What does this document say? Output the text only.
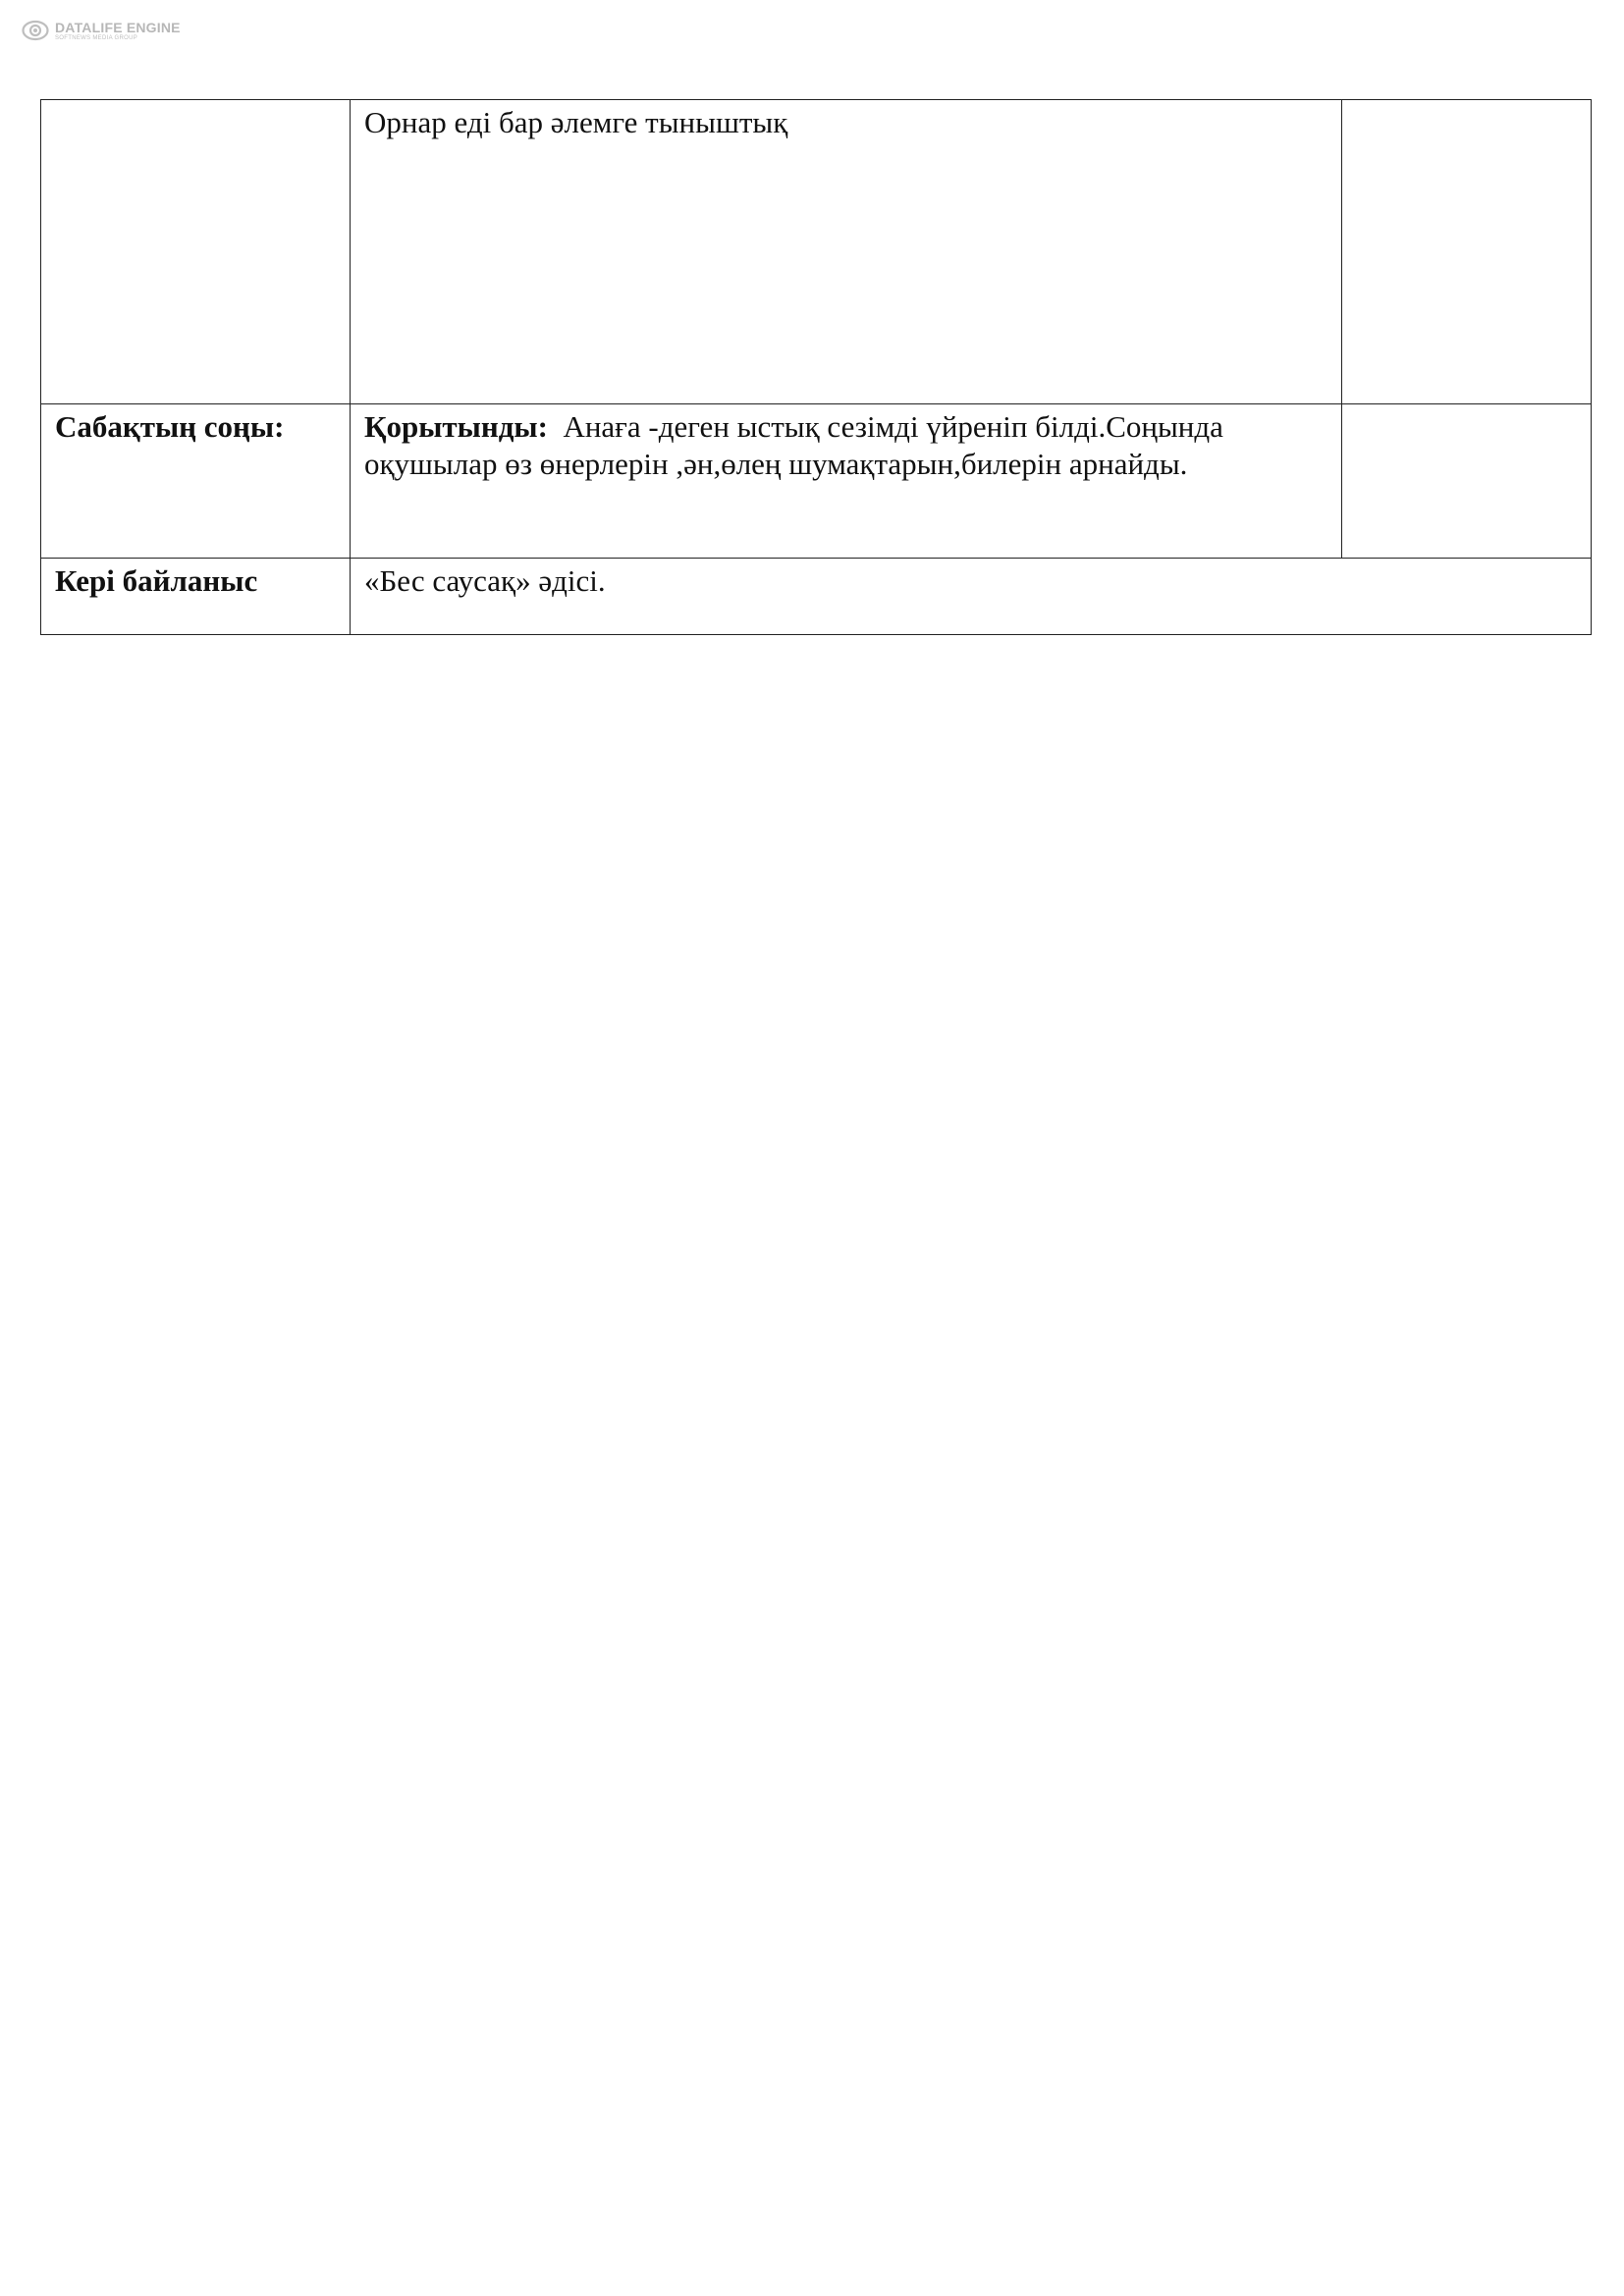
DATALIFE ENGINE
SOFTNEWS MEDIA GROUP
	Орнар еді бар әлемге тыныштық	
Сабақтың соңы:	Қорытынды: Анаға -деген ыстық сезімді үйреніп білді.Соңында оқушылар өз өнерлерін ,ән,өлең шумақтарын,билерін арнайды.	
Кері байланыс	«Бес саусақ» әдісі.	
